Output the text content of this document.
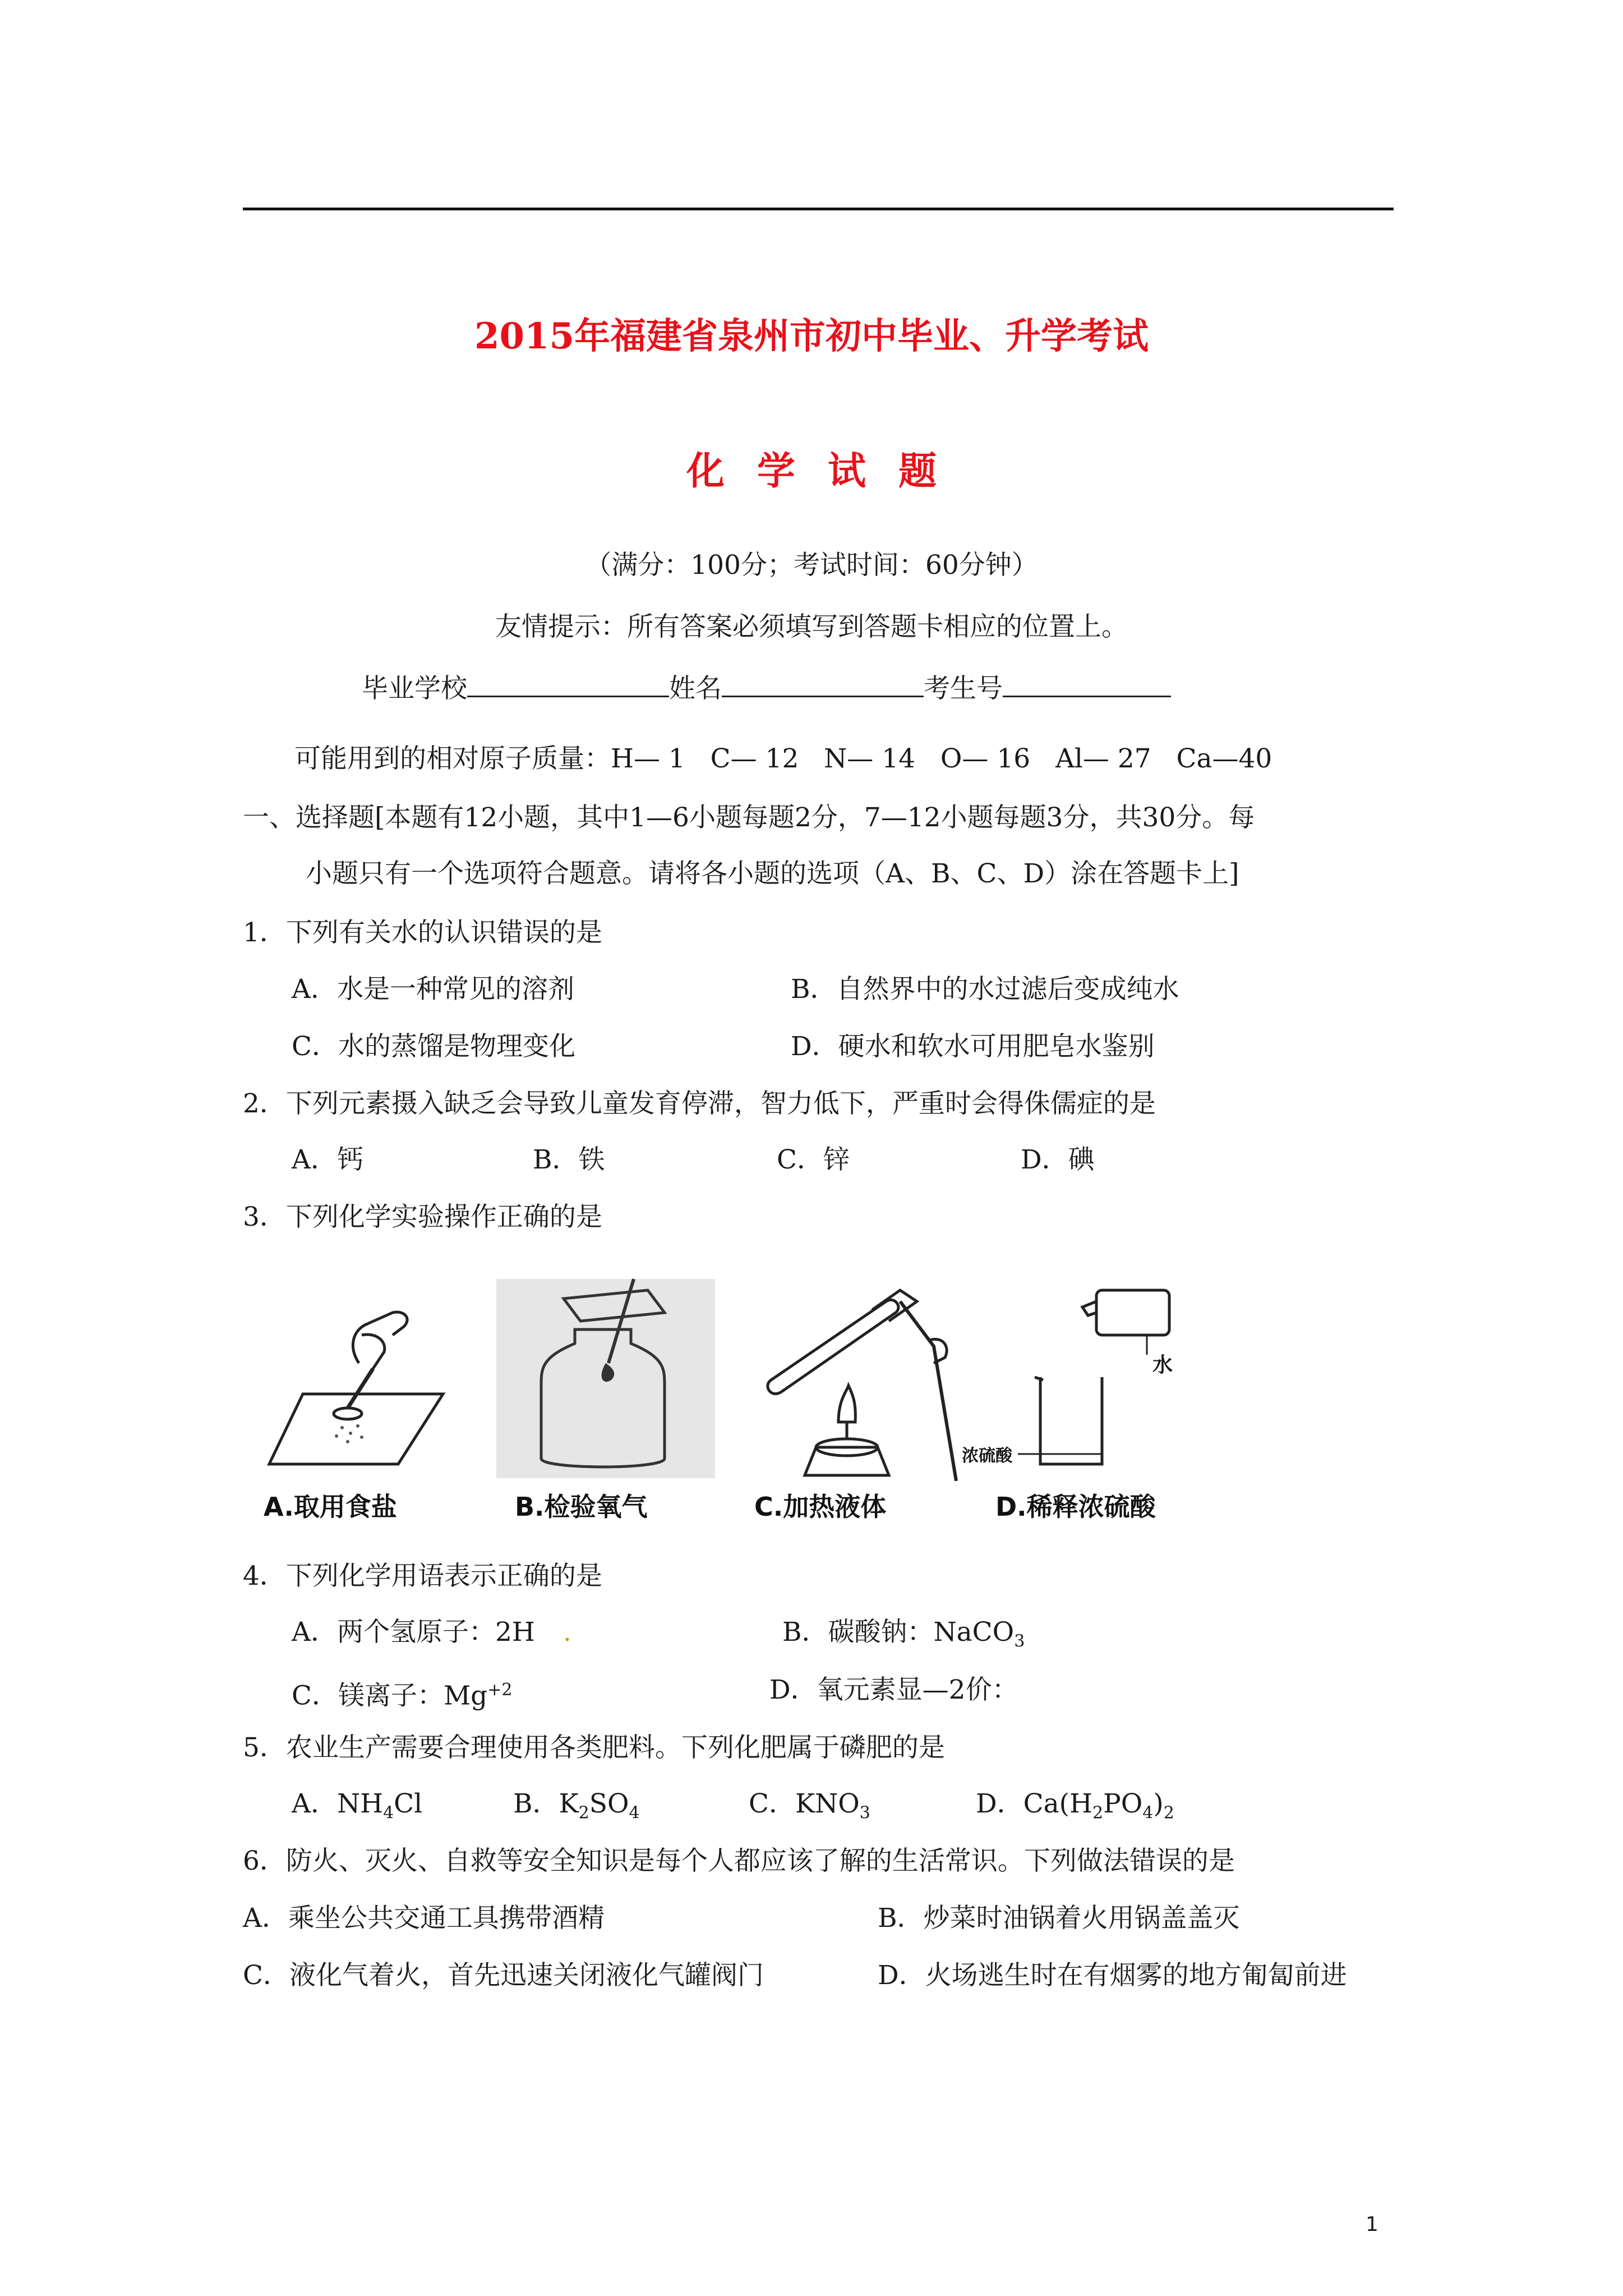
2015年福建省泉州市初中毕业、升学考试
化学试题
（满分：100分；考试时间：60分钟）
友情提示：所有答案必须填写到答题卡相应的位置上。
毕业学校	姓名	考生号
可能用到的相对原子质量：H— 1   C— 12   N— 14   O— 16   Al— 27   Ca—40
一、选择题[本题有12小题，其中1—6小题每题2分，7—12小题每题3分，共30分。每
小题只有一个选项符合题意。请将各小题的选项（A、B、C、D）涂在答题卡上]
1．下列有关水的认识错误的是
A．水是一种常见的溶剂	B．自然界中的水过滤后变成纯水
C．水的蒸馏是物理变化	D．硬水和软水可用肥皂水鉴别
2．下列元素摄入缺乏会导致儿童发育停滞，智力低下，严重时会得侏儒症的是
A．钙	B．铁	C．锌	D．碘
3．下列化学实验操作正确的是
A.取用食盐	B.检验氧气	C.加热液体
水
浓硫酸
D.稀释浓硫酸
4．下列化学用语表示正确的是
A．两个氢原子：2H .	B．碳酸钠：NaCO$_3$
C．镁离子：$Mg^{+2}$	D．氧元素显—2价：
5．农业生产需要合理使用各类肥料。下列化肥属于磷肥的是
A．$NH_4Cl$	B．$K_2SO_4$	C．$KNO_3$	D．$Ca(H_2PO_4)_2$
6．防火、灭火、自救等安全知识是每个人都应该了解的生活常识。下列做法错误的是
A．乘坐公共交通工具携带酒精	B．炒菜时油锅着火用锅盖盖灭
C．液化气着火，首先迅速关闭液化气罐阀门	D．火场逃生时在有烟雾的地方匍匐前进
1
